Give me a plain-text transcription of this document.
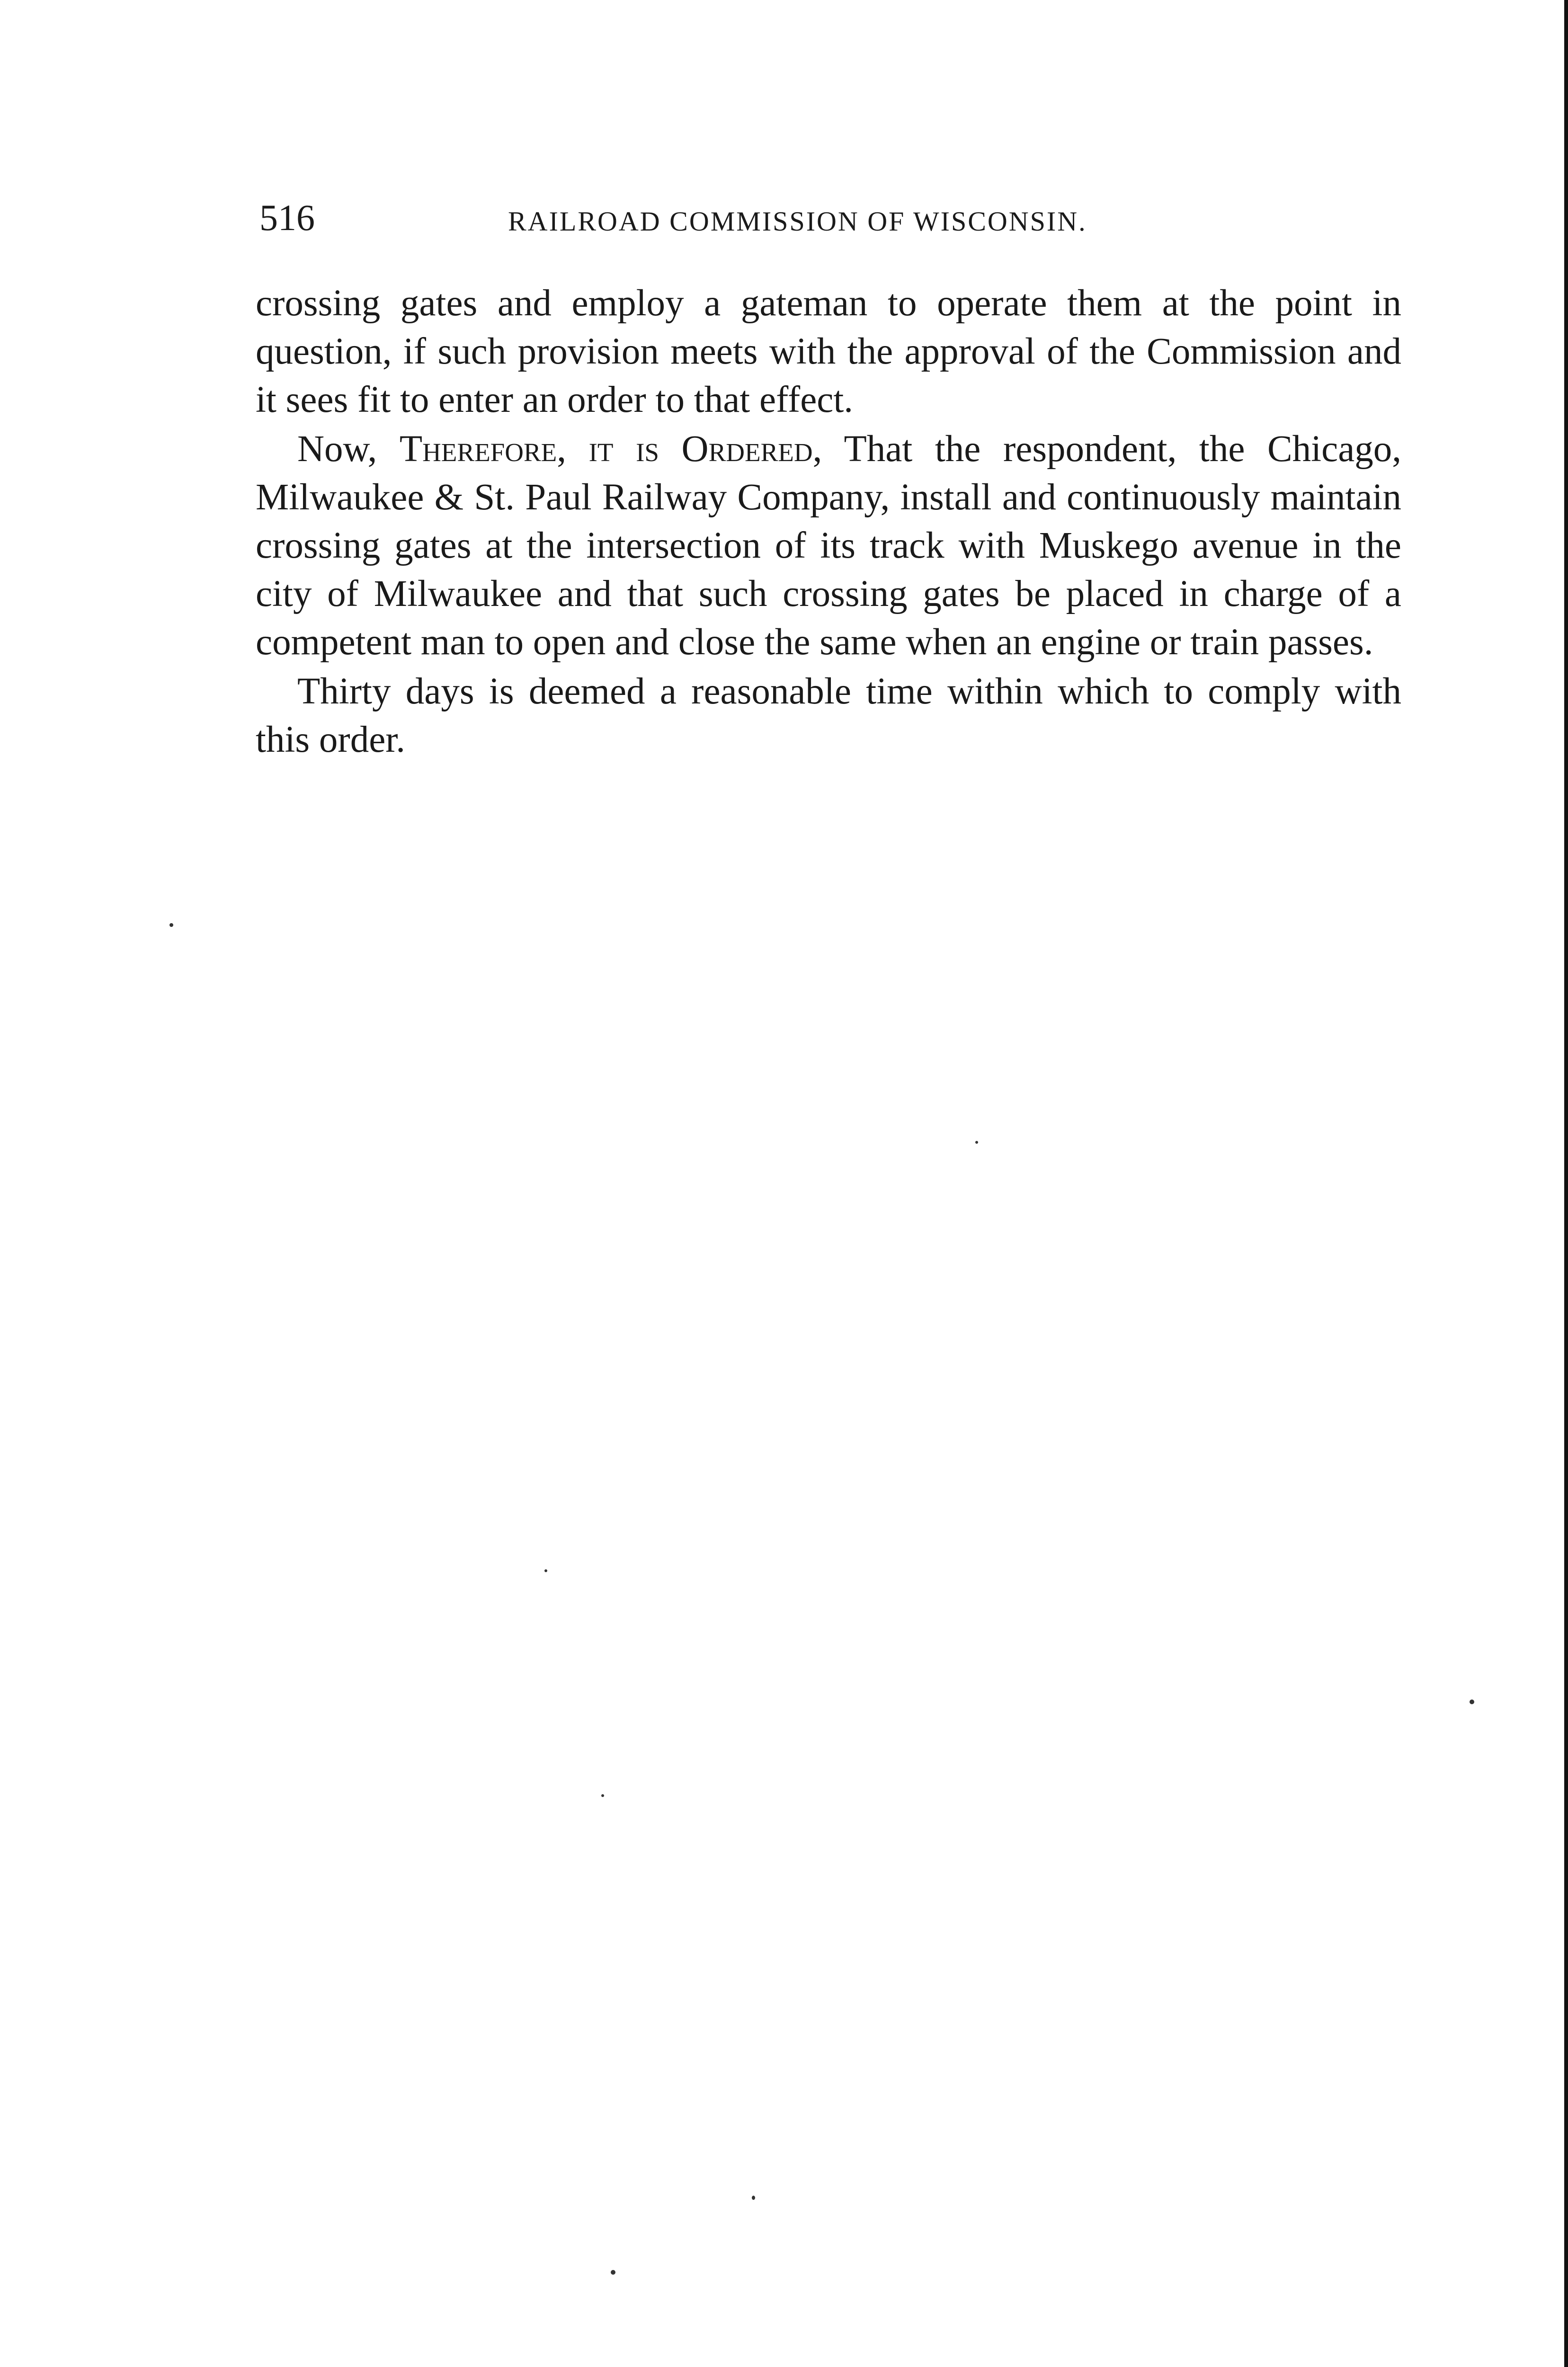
516	RAILROAD COMMISSION OF WISCONSIN.

crossing gates and employ a gateman to operate them at the point in question, if such provision meets with the approval of the Commission and it sees fit to enter an order to that effect.

Now, Therefore, it is Ordered, That the respondent, the Chicago, Milwaukee & St. Paul Railway Company, install and continuously maintain crossing gates at the intersection of its track with Muskego avenue in the city of Milwaukee and that such crossing gates be placed in charge of a competent man to open and close the same when an engine or train passes.

Thirty days is deemed a reasonable time within which to comply with this order.
